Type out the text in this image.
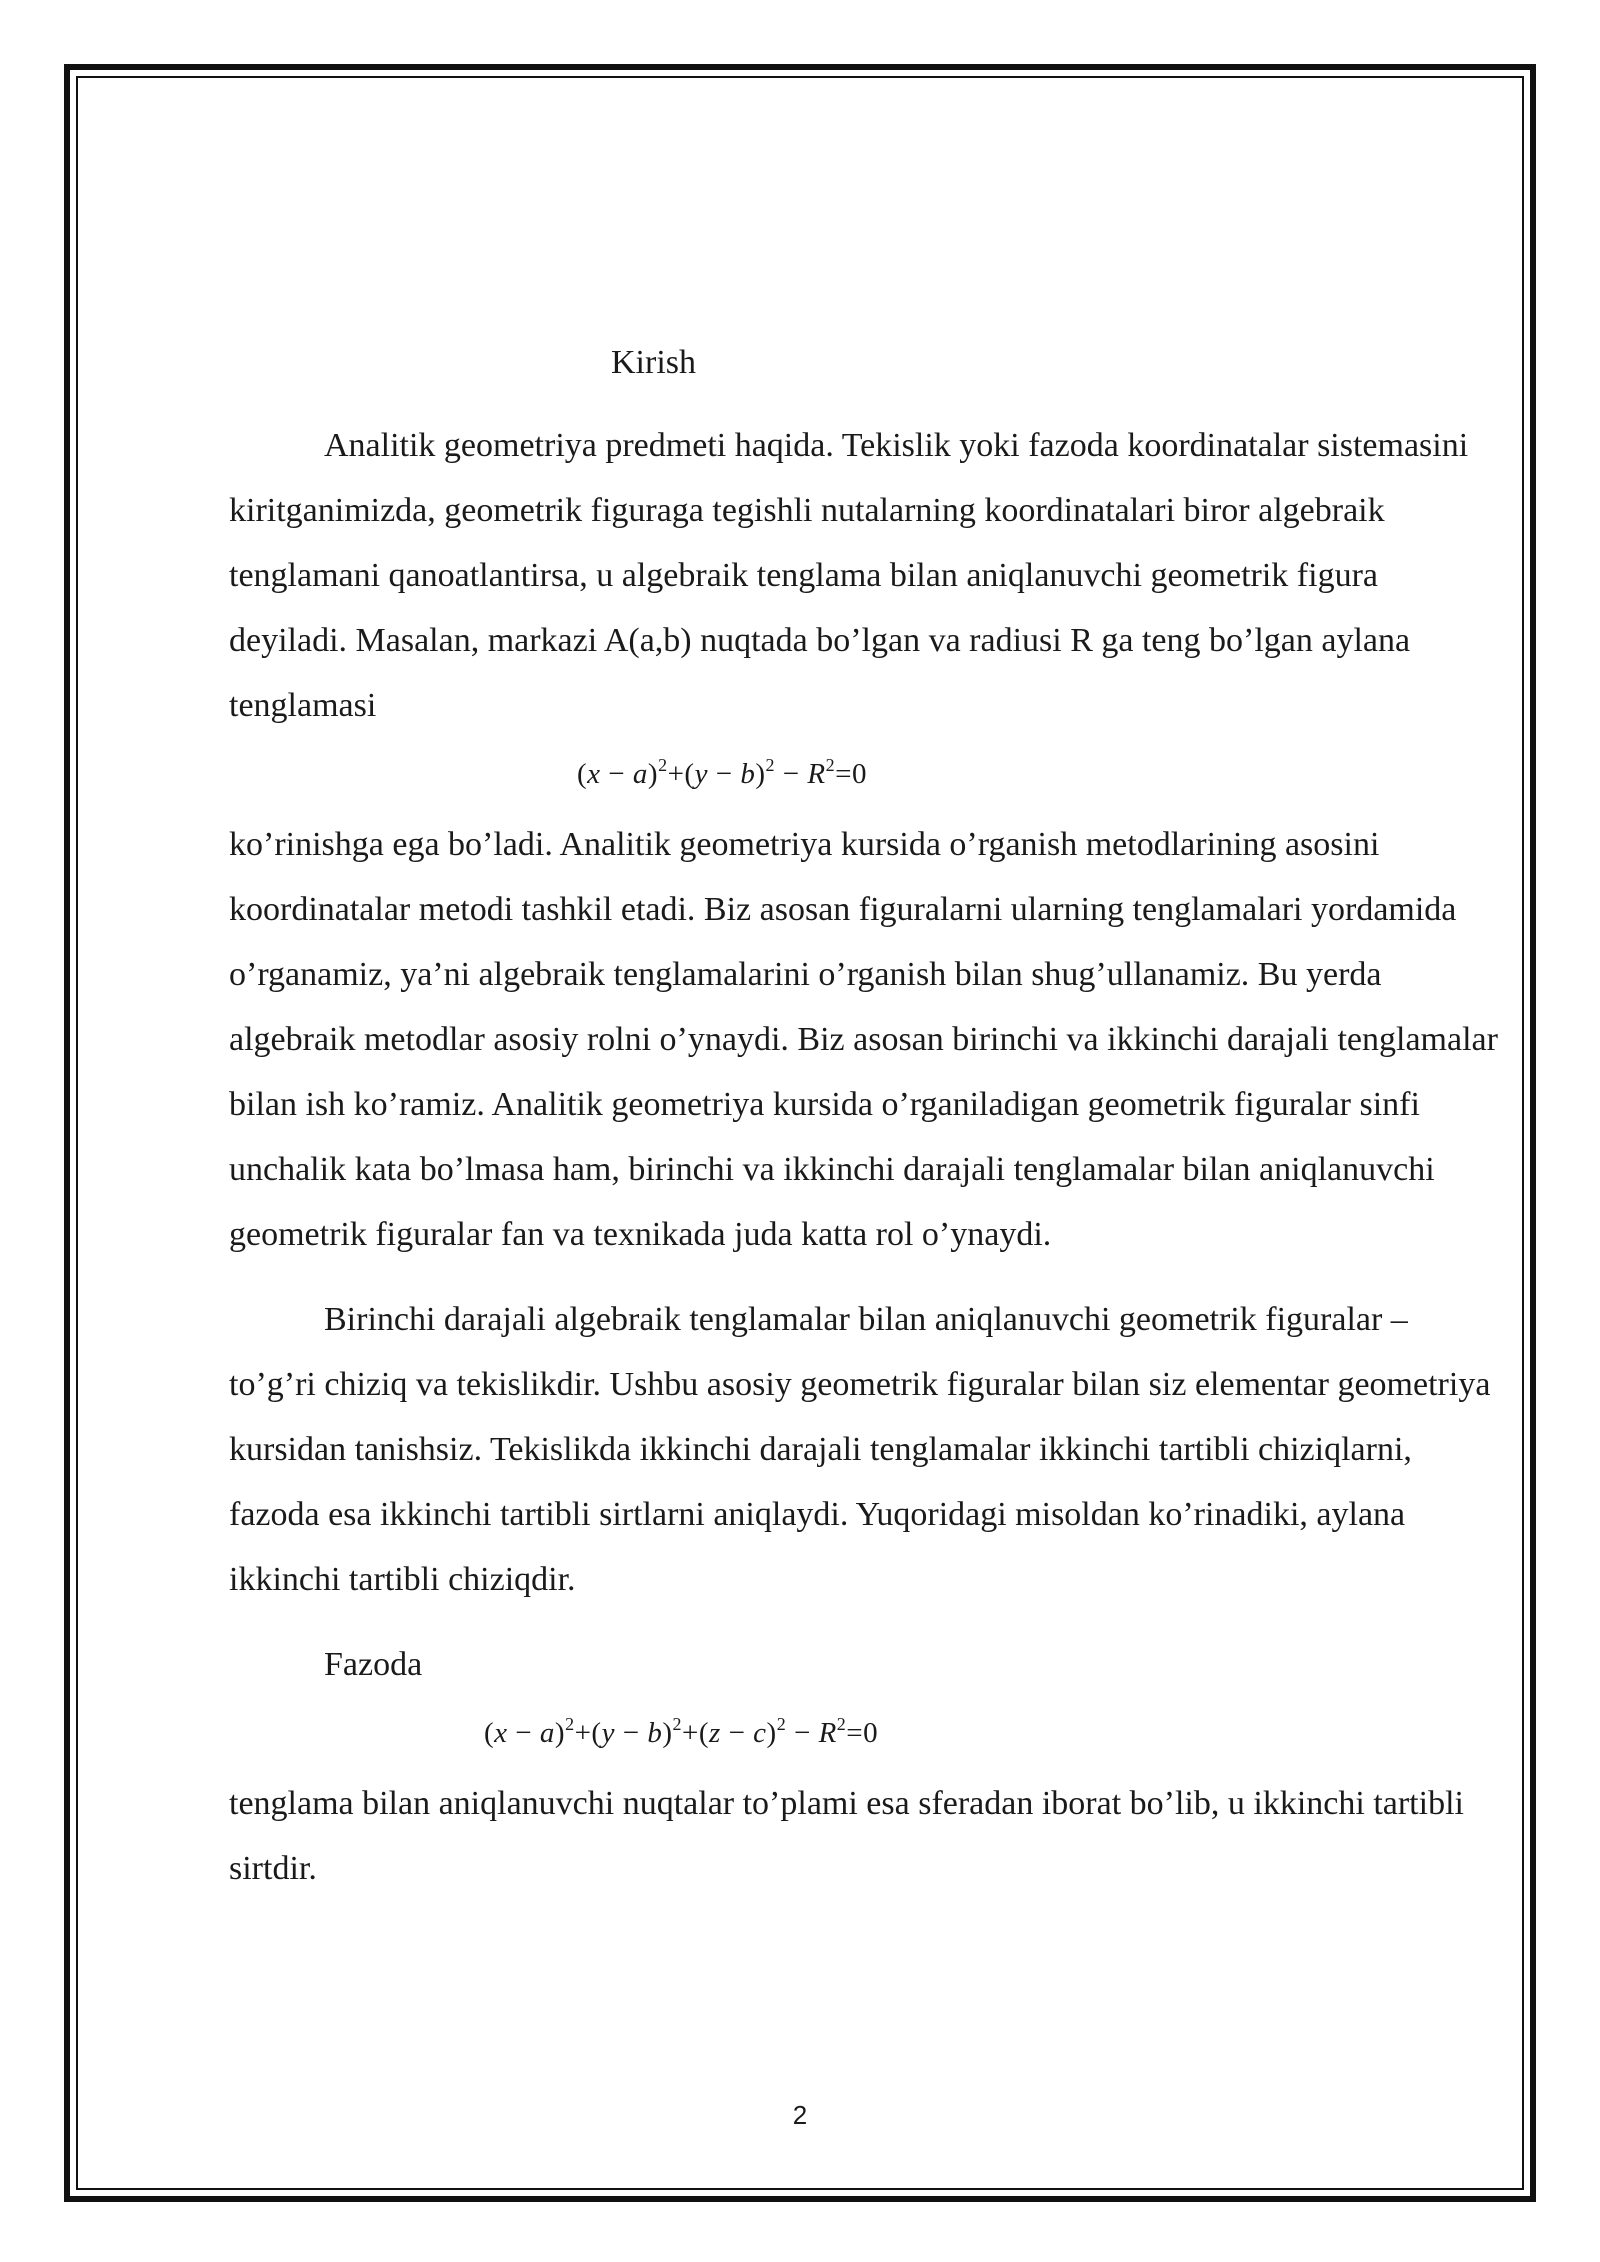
Kirish

Analitik geometriya predmeti haqida. Tekislik yoki fazoda koordinatalar sistemasini kiritganimizda, geometrik figuraga tegishli nutalarning koordinatalari biror algebraik tenglamani qanoatlantirsa, u algebraik tenglama bilan aniqlanuvchi geometrik figura deyiladi. Masalan, markazi A(a,b) nuqtada bo’lgan va radiusi R ga teng bo’lgan aylana tenglamasi

$(x - a)^2+(y - b)^2 - R^2=0$

ko’rinishga ega bo’ladi. Analitik geometriya kursida o’rganish metodlarining asosini koordinatalar metodi tashkil etadi. Biz asosan figuralarni ularning tenglamalari yordamida o’rganamiz, ya’ni algebraik tenglamalarini o’rganish bilan shug’ullanamiz. Bu yerda algebraik metodlar asosiy rolni o’ynaydi. Biz asosan birinchi va ikkinchi darajali tenglamalar bilan ish ko’ramiz. Analitik geometriya kursida o’rganiladigan geometrik figuralar sinfi unchalik kata bo’lmasa ham, birinchi va ikkinchi darajali tenglamalar bilan aniqlanuvchi geometrik figuralar fan va texnikada juda katta rol o’ynaydi.

Birinchi darajali algebraik tenglamalar bilan aniqlanuvchi geometrik figuralar – to’g’ri chiziq va tekislikdir. Ushbu asosiy geometrik figuralar bilan siz elementar geometriya kursidan tanishsiz. Tekislikda ikkinchi darajali tenglamalar ikkinchi tartibli chiziqlarni, fazoda esa ikkinchi tartibli sirtlarni aniqlaydi. Yuqoridagi misoldan ko’rinadiki, aylana ikkinchi tartibli chiziqdir.

Fazoda

$(x - a)^2+(y - b)^2+(z - c)^2 - R^2=0$

tenglama bilan aniqlanuvchi nuqtalar to’plami esa sferadan iborat bo’lib, u ikkinchi tartibli sirtdir.

2
